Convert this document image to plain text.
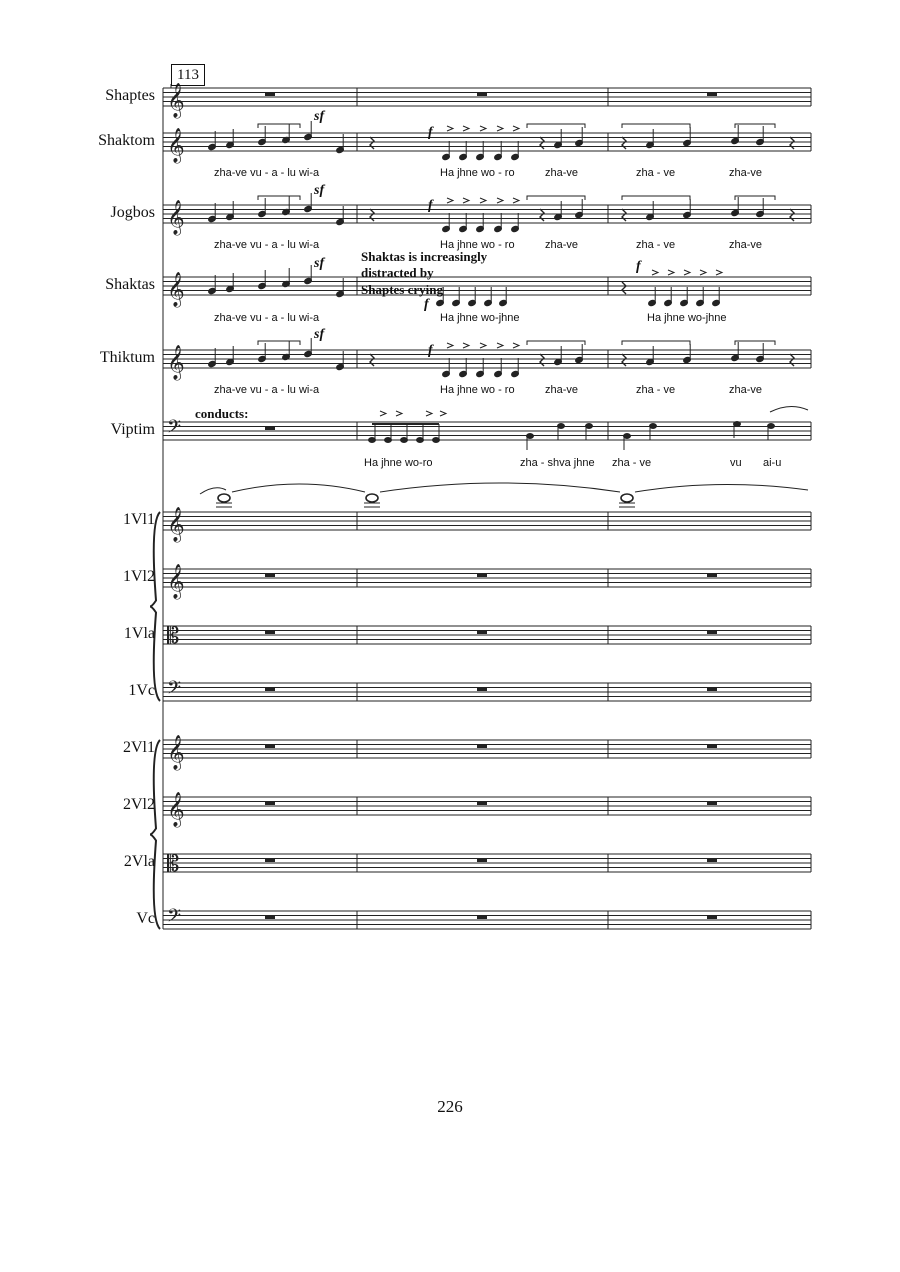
𝄞
𝄞
𝄞
𝄞
𝄞
𝄢
𝄞
𝄞
𝄡
𝄢
𝄞
𝄞
𝄡
𝄢
113
Shaptes
Shaktom
Jogbos
Shaktas
Thiktum
Viptim
1Vl1
1Vl2
1Vla
1Vc
2Vl1
2Vl2
2Vla
Vc
zha-ve vu - a - lu wi-a	Ha jhne wo - ro	zha-ve	zha - ve	zha-ve
zha-ve vu - a - lu wi-a	Ha jhne wo - ro	zha-ve	zha - ve	zha-ve
zha-ve vu - a - lu wi-a	Ha jhne wo-jhne	Ha jhne wo-jhne
zha-ve vu - a - lu wi-a	Ha jhne wo - ro	zha-ve	zha - ve	zha-ve
Ha jhne wo-ro	zha - shva jhne zha - ve	vu ai-u
Shaktas is increasingly
distracted by
Shaptes crying
conducts:
sf
f
sf
f
sf
f
f
sf
f
226
